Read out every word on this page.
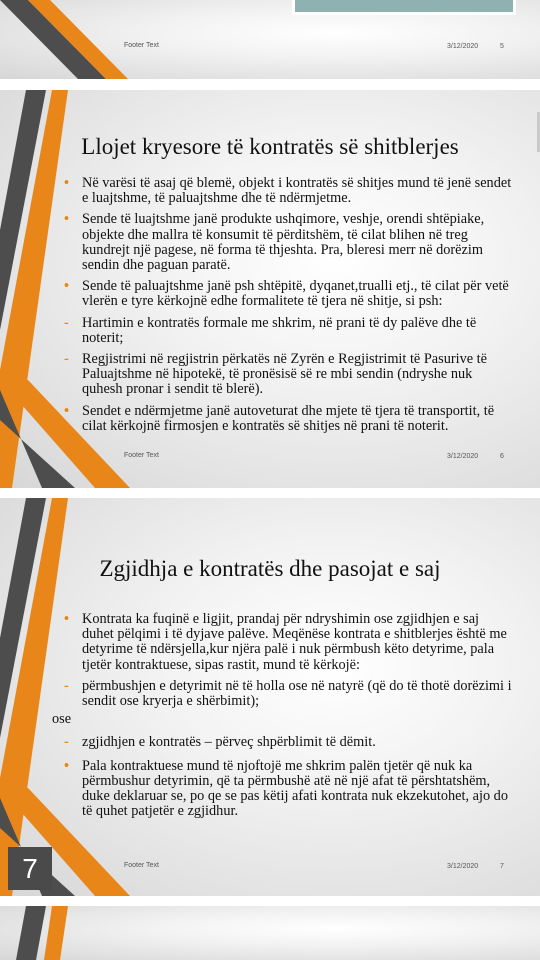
Footer Text	3/12/2020	5
Llojet kryesore të kontratës së shitblerjes
• Në varësi të asaj që blemë, objekt i kontratës së shitjes mund të jenë sendet e luajtshme, të paluajtshme dhe të ndërmjetme.
• Sende të luajtshme janë produkte ushqimore, veshje, orendi shtëpiake, objekte dhe mallra të konsumit të përditshëm, të cilat blihen në treg kundrejt një pagese, në forma të thjeshta. Pra, bleresi merr në dorëzim sendin dhe paguan paratë.
• Sende të paluajtshme janë psh shtëpitë, dyqanet,trualli etj., të cilat për vetë vlerën e tyre kërkojnë edhe formalitete të tjera në shitje, si psh:
- Hartimin e kontratës formale me shkrim, në prani të dy palëve dhe të noterit;
- Regjistrimi në regjistrin përkatës në Zyrën e Regjistrimit të Pasurive të Paluajtshme në hipotekë, të pronësisë së re mbi sendin (ndryshe nuk quhesh pronar i sendit të blerë).
• Sendet e ndërmjetme janë autoveturat dhe mjete të tjera të transportit, të cilat kërkojnë firmosjen e kontratës së shitjes në prani të noterit.
Footer Text	3/12/2020	6
Zgjidhja e kontratës dhe pasojat e saj
• Kontrata ka fuqinë e ligjit, prandaj për ndryshimin ose zgjidhjen e saj duhet pëlqimi i të dyjave palëve. Meqënëse kontrata e shitblerjes është me detyrime të ndërsjella,kur njëra palë i nuk përmbush këto detyrime, pala tjetër kontraktuese, sipas rastit, mund të kërkojë:
- përmbushjen e detyrimit në të holla ose në natyrë (që do të thotë dorëzimi i sendit ose kryerja e shërbimit);
ose
- zgjidhjen e kontratës – përveç shpërblimit të dëmit.
• Pala kontraktuese mund të njoftojë me shkrim palën tjetër që nuk ka përmbushur detyrimin, që ta përmbushë atë në një afat të përshtatshëm, duke deklaruar se, po qe se pas këtij afati kontrata nuk ekzekutohet, ajo do të quhet patjetër e zgjidhur.
Footer Text	3/12/2020	7
7
